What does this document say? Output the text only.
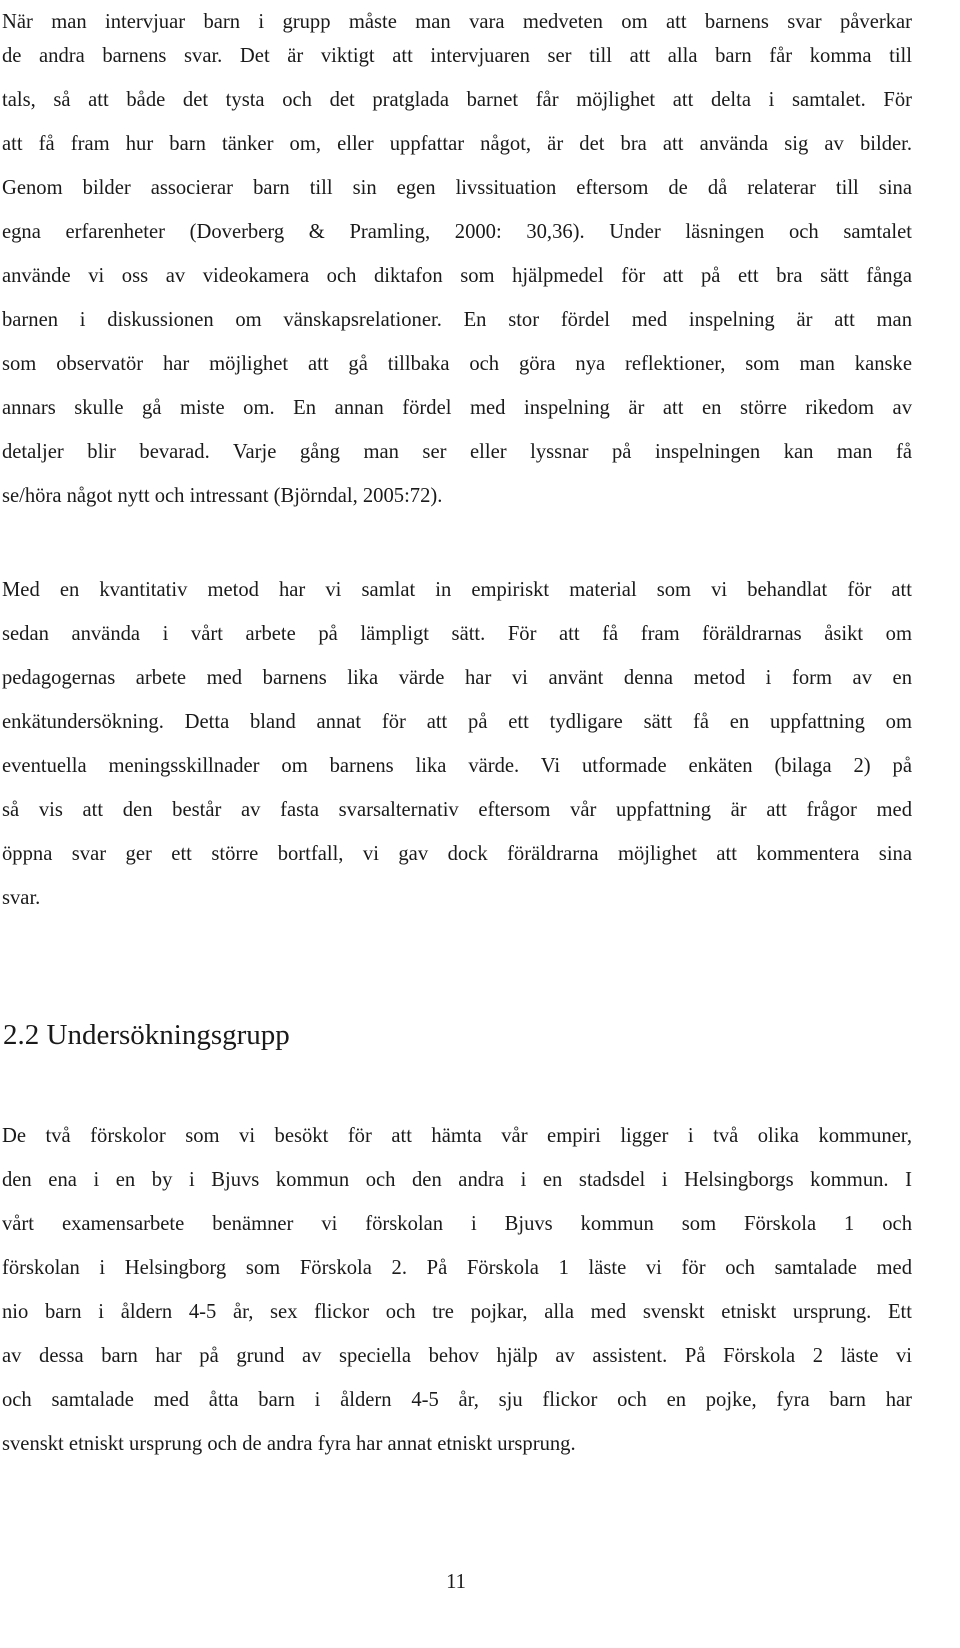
När man intervjuar barn i grupp måste man vara medveten om att barnens svar påverkar
de andra barnens svar. Det är viktigt att intervjuaren ser till att alla barn får komma till
tals, så att både det tysta och det pratglada barnet får möjlighet att delta i samtalet. För
att få fram hur barn tänker om, eller uppfattar något, är det bra att använda sig av bilder.
Genom bilder associerar barn till sin egen livssituation eftersom de då relaterar till sina
egna erfarenheter (Doverberg & Pramling, 2000: 30,36). Under läsningen och samtalet
använde vi oss av videokamera och diktafon som hjälpmedel för att på ett bra sätt fånga
barnen i diskussionen om vänskapsrelationer. En stor fördel med inspelning är att man
som observatör har möjlighet att gå tillbaka och göra nya reflektioner, som man kanske
annars skulle gå miste om. En annan fördel med inspelning är att en större rikedom av
detaljer blir bevarad. Varje gång man ser eller lyssnar på inspelningen kan man få
se/höra något nytt och intressant (Björndal, 2005:72).
Med en kvantitativ metod har vi samlat in empiriskt material som vi behandlat för att
sedan använda i vårt arbete på lämpligt sätt. För att få fram föräldrarnas åsikt om
pedagogernas arbete med barnens lika värde har vi använt denna metod i form av en
enkätundersökning. Detta bland annat för att på ett tydligare sätt få en uppfattning om
eventuella meningsskillnader om barnens lika värde. Vi utformade enkäten (bilaga 2) på
så vis att den består av fasta svarsalternativ eftersom vår uppfattning är att frågor med
öppna svar ger ett större bortfall, vi gav dock föräldrarna möjlighet att kommentera sina
svar.
2.2 Undersökningsgrupp
De två förskolor som vi besökt för att hämta vår empiri ligger i två olika kommuner,
den ena i en by i Bjuvs kommun och den andra i en stadsdel i Helsingborgs kommun. I
vårt examensarbete benämner vi förskolan i Bjuvs kommun som Förskola 1 och
förskolan i Helsingborg som Förskola 2. På Förskola 1 läste vi för och samtalade med
nio barn i åldern 4-5 år, sex flickor och tre pojkar, alla med svenskt etniskt ursprung. Ett
av dessa barn har på grund av speciella behov hjälp av assistent. På Förskola 2 läste vi
och samtalade med åtta barn i åldern 4-5 år, sju flickor och en pojke, fyra barn har
svenskt etniskt ursprung och de andra fyra har annat etniskt ursprung.
11
